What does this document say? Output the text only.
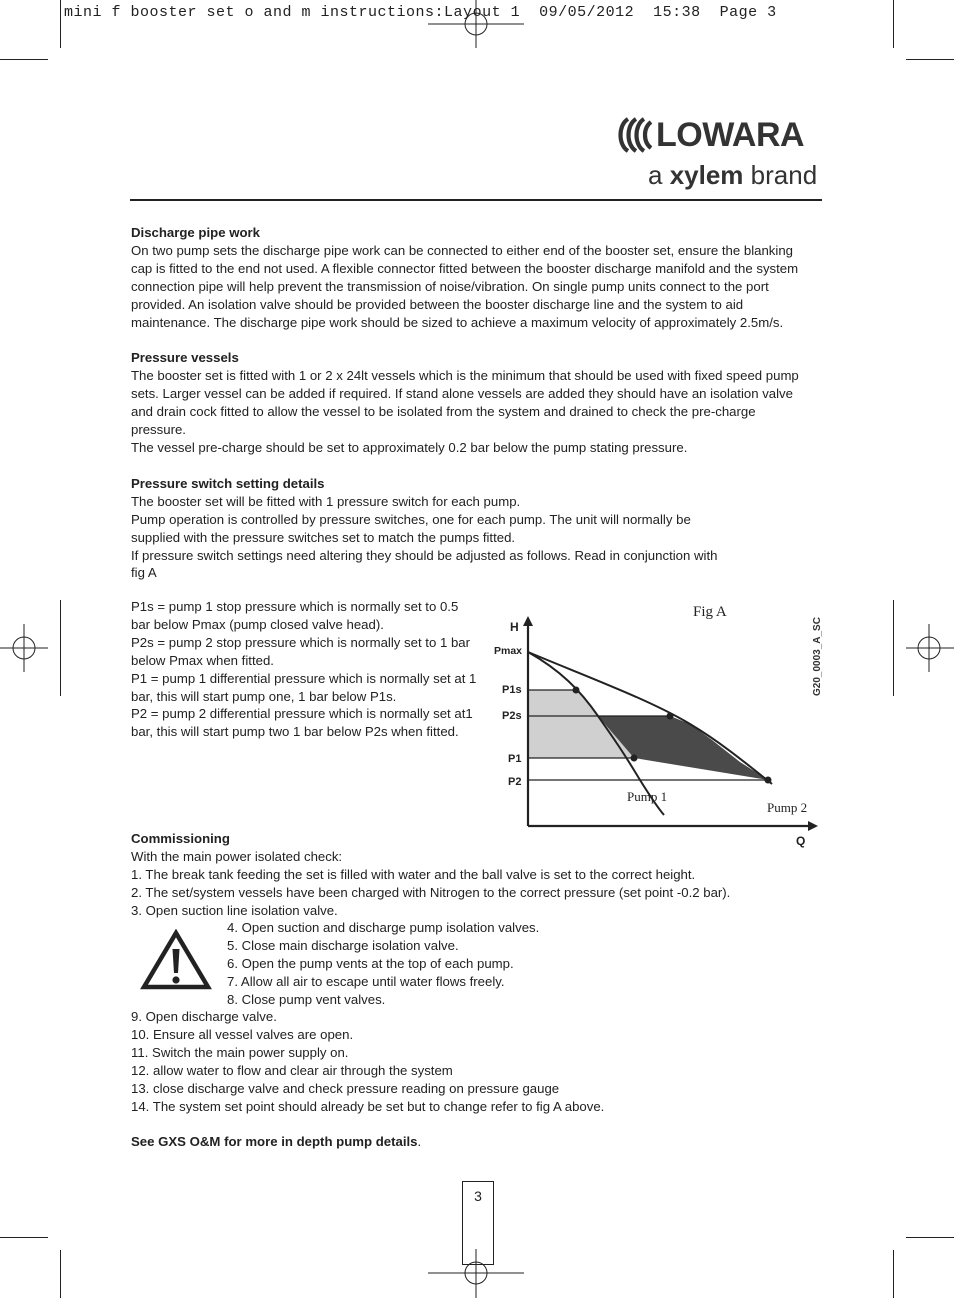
mini f booster set o and m instructions:Layout 1  09/05/2012  15:38  Page 3
LOWARA
a xylem brand

Discharge pipe work

On two pump sets the discharge pipe work can be connected to either end of the booster set, ensure the blanking cap is fitted to the end not used. A flexible connector fitted between the booster discharge manifold and the system connection pipe will help prevent the transmission of noise/vibration. On single pump units connect to the port provided. An isolation valve should be provided between the booster discharge line and the system to aid maintenance. The discharge pipe work should be sized to achieve a maximum velocity of approximately 2.5m/s.

Pressure vessels

The booster set is fitted with 1 or 2 x 24lt vessels which is the minimum that should be used with fixed speed pump sets. Larger vessel can be added if required. If stand alone vessels are added they should have an isolation valve and drain cock fitted to allow the vessel to be isolated from the system and drained to check the pre-charge pressure.

The vessel pre-charge should be set to approximately 0.2 bar below the pump stating pressure.

Pressure switch setting details

The booster set will be fitted with 1 pressure switch for each pump.

Pump operation is controlled by pressure switches, one for each pump. The unit will normally be supplied with the pressure switches set to match the pumps fitted.

If pressure switch settings need altering they should be adjusted as follows. Read in conjunction with fig A

P1s = pump 1 stop pressure which is normally set to 0.5 bar below Pmax (pump closed valve head).

P2s = pump 2 stop pressure which is normally set to 1 bar below Pmax when fitted.

P1 = pump 1 differential pressure which is normally set at 1 bar, this will start pump one, 1 bar below P1s.

P2 = pump 2 differential pressure which is normally set at1 bar, this will start pump two 1 bar below P2s when fitted.

Fig A
H
Q
Pmax
P1s
P2s
P1
P2
Pump 1
Pump 2
G20_0003_A_SC

Commissioning

With the main power isolated check:

1. The break tank feeding the set is filled with water and the ball valve is set to the correct height.

2. The set/system vessels have been charged with Nitrogen to the correct pressure (set point -0.2 bar).

3. Open suction line isolation valve.

4. Open suction and discharge pump isolation valves.

5. Close main discharge isolation valve.

6. Open the pump vents at the top of each pump.

7. Allow all air to escape until water flows freely.

8. Close pump vent valves.

9. Open discharge valve.

10. Ensure all vessel valves are open.

11. Switch the main power supply on.

12. allow water to flow and clear air through the system

13. close discharge valve and check pressure reading on pressure gauge

14. The system set point should already be set but to change refer to fig A above.

See GXS O&M for more in depth pump details.

3
